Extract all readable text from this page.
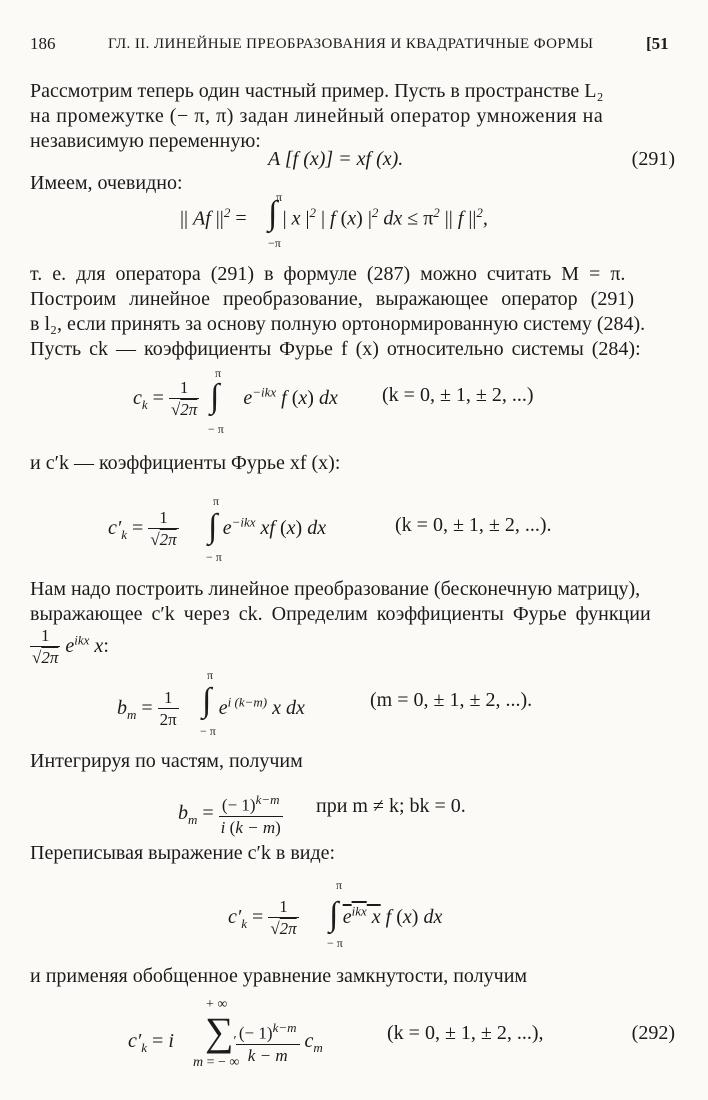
186	ГЛ. II. ЛИНЕЙНЫЕ ПРЕОБРАЗОВАНИЯ И КВАДРАТИЧНЫЕ ФОРМЫ	[51
Рассмотрим теперь один частный пример. Пусть в пространстве L₂
на промежутке (− π, π) задан линейный оператор умножения на
независимую переменную:
A [f (x)] = xf (x).	(291)
Имеем, очевидно:
|| Af $||^2$ =  | x $|^2$ | f (x) $|^2$ dx ≤ $\pi^2$ || f $||^2$,
∫
π
−π
т. е. для оператора (291) в формуле (287) можно считать M = π.
Построим линейное преобразование, выражающее оператор (291)
в l₂, если принять за основу полную ортонормированную систему (284).
Пусть ck — коэффициенты Фурье f (x) относительно системы (284):
$c_k = \frac{1}{√2\pi} e^{-ikx}$ f (x) dx
∫
π
− π
(k = 0, ± 1, ± 2, ...)
и c′k — коэффициенты Фурье xf (x):
$c'_k = \frac{1}{√2\pi} e^{-ikx}$ xf (x) dx
∫
π
− π
(k = 0, ± 1, ± 2, ...).
Нам надо построить линейное преобразование (бесконечную матрицу),
выражающее c′k через ck. Определим коэффициенты Фурье функции
$\frac{1}{√2\pi} e^{ikx}$ x:
$b_m = \frac{1}{2\pi} e^{i (k-m)}$ x dx
∫
π
− π
(m = 0, ± 1, ± 2, ...).
Интегрируя по частям, получим
$b_m = \frac{(- 1)^{k-m}}{i (k - m)}$ при m ≠ k; bk = 0.
Переписывая выражение c′k в виде:
$c'_k = \frac{1}{√2\pi} e^{ikx}$ x f (x) dx
∫
π
− π
и применяя обобщенное уравнение замкнутости, получим
$c'_k = i$	$\frac{(- 1)^{k-m}}{k - m} c_m$
∑′
+ ∞
m = − ∞
(k = 0, ± 1, ± 2, ...),	(292)
